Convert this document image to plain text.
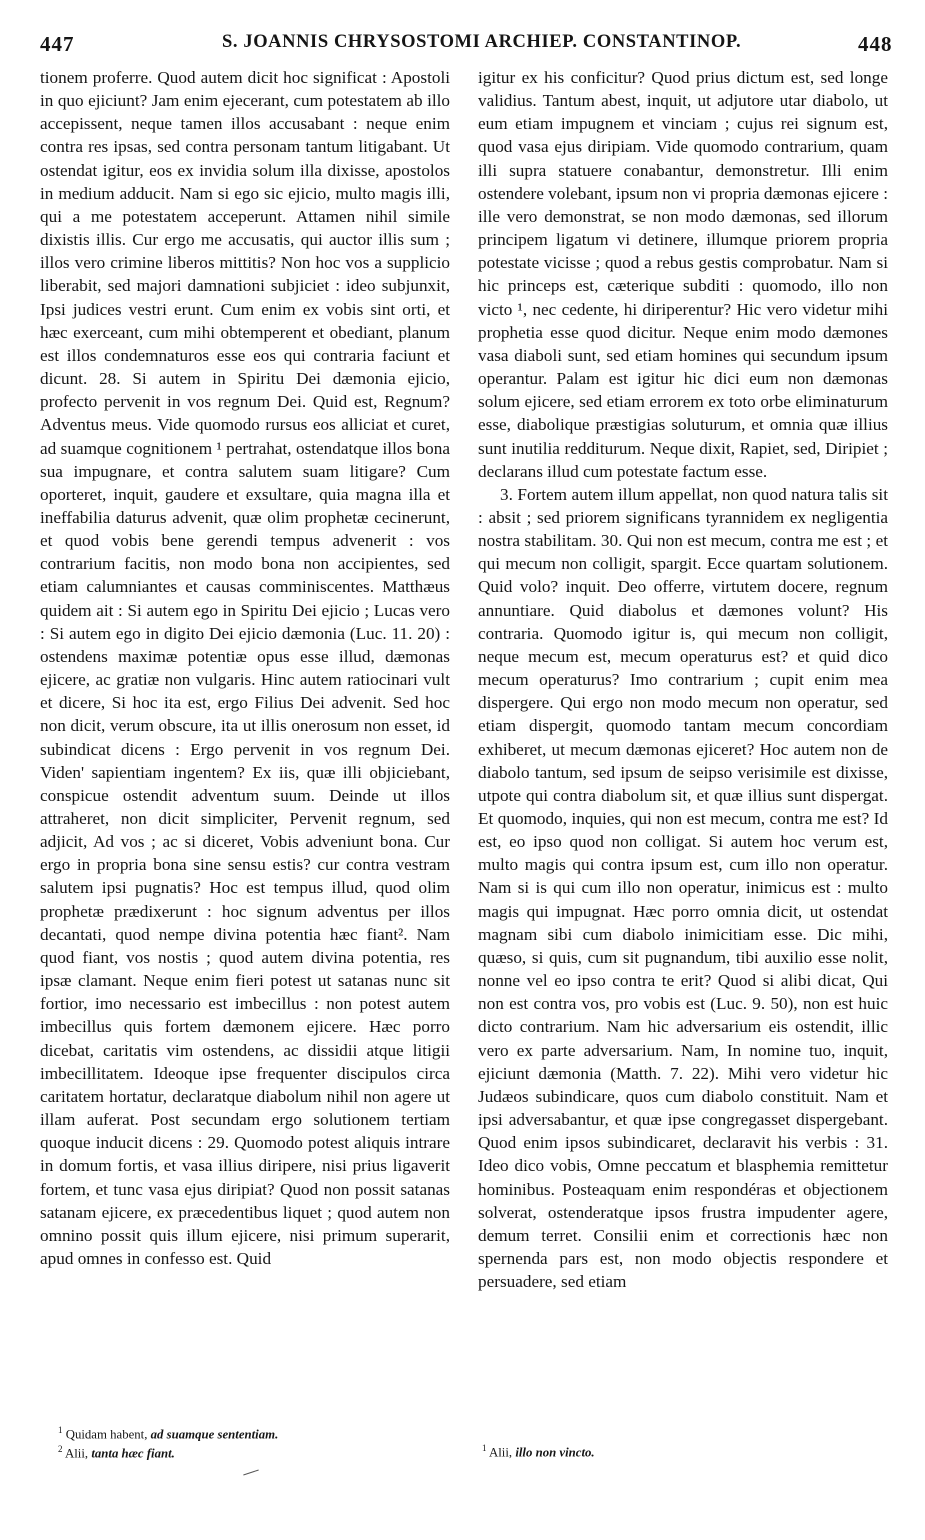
447	S. JOANNIS CHRYSOSTOMI ARCHIEP. CONSTANTINOP.	448

tionem proferre. Quod autem dicit hoc significat : Apostoli in quo ejiciunt? Jam enim ejecerant, cum potestatem ab illo accepissent, neque tamen illos accusabant : neque enim contra res ipsas, sed contra personam tantum litigabant. Ut ostendat igitur, eos ex invidia solum illa dixisse, apostolos in medium adducit. Nam si ego sic ejicio, multo magis illi, qui a me potestatem acceperunt. Attamen nihil simile dixistis illis. Cur ergo me accusatis, qui auctor illis sum ; illos vero crimine liberos mittitis? Non hoc vos a supplicio liberabit, sed majori damnationi subjiciet : ideo subjunxit, Ipsi judices vestri erunt. Cum enim ex vobis sint orti, et hæc exerceant, cum mihi obtemperent et obediant, planum est illos condemnaturos esse eos qui contraria faciunt et dicunt. 28. Si autem in Spiritu Dei dæmonia ejicio, profecto pervenit in vos regnum Dei. Quid est, Regnum? Adventus meus. Vide quomodo rursus eos alliciat et curet, ad suamque cognitionem ¹ pertrahat, ostendatque illos bona sua impugnare, et contra salutem suam litigare? Cum oporteret, inquit, gaudere et exsultare, quia magna illa et ineffabilia daturus advenit, quæ olim prophetæ cecinerunt, et quod vobis bene gerendi tempus advenerit : vos contrarium facitis, non modo bona non accipientes, sed etiam calumniantes et causas comminiscentes. Matthæus quidem ait : Si autem ego in Spiritu Dei ejicio ; Lucas vero : Si autem ego in digito Dei ejicio dæmonia (Luc. 11. 20) : ostendens maximæ potentiæ opus esse illud, dæmonas ejicere, ac gratiæ non vulgaris. Hinc autem ratiocinari vult et dicere, Si hoc ita est, ergo Filius Dei advenit. Sed hoc non dicit, verum obscure, ita ut illis onerosum non esset, id subindicat dicens : Ergo pervenit in vos regnum Dei. Viden' sapientiam ingentem? Ex iis, quæ illi objiciebant, conspicue ostendit adventum suum. Deinde ut illos attraheret, non dicit simpliciter, Pervenit regnum, sed adjicit, Ad vos ; ac si diceret, Vobis adveniunt bona. Cur ergo in propria bona sine sensu estis? cur contra vestram salutem ipsi pugnatis? Hoc est tempus illud, quod olim prophetæ prædixerunt : hoc signum adventus per illos decantati, quod nempe divina potentia hæc fiant². Nam quod fiant, vos nostis ; quod autem divina potentia, res ipsæ clamant. Neque enim fieri potest ut satanas nunc sit fortior, imo necessario est imbecillus : non potest autem imbecillus quis fortem dæmonem ejicere. Hæc porro dicebat, caritatis vim ostendens, ac dissidii atque litigii imbecillitatem. Ideoque ipse frequenter discipulos circa caritatem hortatur, declaratque diabolum nihil non agere ut illam auferat. Post secundam ergo solutionem tertiam quoque inducit dicens : 29. Quomodo potest aliquis intrare in domum fortis, et vasa illius diripere, nisi prius ligaverit fortem, et tunc vasa ejus diripiat? Quod non possit satanas satanam ejicere, ex præcedentibus liquet ; quod autem non omnino possit quis illum ejicere, nisi primum superarit, apud omnes in confesso est. Quid

igitur ex his conficitur? Quod prius dictum est, sed longe validius. Tantum abest, inquit, ut adjutore utar diabolo, ut eum etiam impugnem et vinciam ; cujus rei signum est, quod vasa ejus diripiam. Vide quomodo contrarium, quam illi supra statuere conabantur, demonstretur. Illi enim ostendere volebant, ipsum non vi propria dæmonas ejicere : ille vero demonstrat, se non modo dæmonas, sed illorum principem ligatum vi detinere, illumque priorem propria potestate vicisse ; quod a rebus gestis comprobatur. Nam si hic princeps est, cæterique subditi : quomodo, illo non victo ¹, nec cedente, hi diriperentur? Hic vero videtur mihi prophetia esse quod dicitur. Neque enim modo dæmones vasa diaboli sunt, sed etiam homines qui secundum ipsum operantur. Palam est igitur hic dici eum non dæmonas solum ejicere, sed etiam errorem ex toto orbe eliminaturum esse, diabolique præstigias soluturum, et omnia quæ illius sunt inutilia redditurum. Neque dixit, Rapiet, sed, Diripiet ; declarans illud cum potestate factum esse.

3. Fortem autem illum appellat, non quod natura talis sit : absit ; sed priorem significans tyrannidem ex negligentia nostra stabilitam. 30. Qui non est mecum, contra me est ; et qui mecum non colligit, spargit. Ecce quartam solutionem. Quid volo? inquit. Deo offerre, virtutem docere, regnum annuntiare. Quid diabolus et dæmones volunt? His contraria. Quomodo igitur is, qui mecum non colligit, neque mecum est, mecum operaturus est? et quid dico mecum operaturus? Imo contrarium ; cupit enim mea dispergere. Qui ergo non modo mecum non operatur, sed etiam dispergit, quomodo tantam mecum concordiam exhiberet, ut mecum dæmonas ejiceret? Hoc autem non de diabolo tantum, sed ipsum de seipso verisimile est dixisse, utpote qui contra diabolum sit, et quæ illius sunt dispergat. Et quomodo, inquies, qui non est mecum, contra me est? Id est, eo ipso quod non colligat. Si autem hoc verum est, multo magis qui contra ipsum est, cum illo non operatur. Nam si is qui cum illo non operatur, inimicus est : multo magis qui impugnat. Hæc porro omnia dicit, ut ostendat magnam sibi cum diabolo inimicitiam esse. Dic mihi, quæso, si quis, cum sit pugnandum, tibi auxilio esse nolit, nonne vel eo ipso contra te erit? Quod si alibi dicat, Qui non est contra vos, pro vobis est (Luc. 9. 50), non est huic dicto contrarium. Nam hic adversarium eis ostendit, illic vero ex parte adversarium. Nam, In nomine tuo, inquit, ejiciunt dæmonia (Matth. 7. 22). Mihi vero videtur hic Judæos subindicare, quos cum diabolo constituit. Nam et ipsi adversabantur, et quæ ipse congregasset dispergebant. Quod enim ipsos subindicaret, declaravit his verbis : 31. Ideo dico vobis, Omne peccatum et blasphemia remittetur hominibus. Posteaquam enim respondéras et objectionem solverat, ostenderatque ipsos frustra impudenter agere, demum terret. Consilii enim et correctionis hæc non spernenda pars est, non modo objectis respondere et persuadere, sed etiam

$^1$ Quidam habent, ad suamque sententiam.
$^2$ Alii, tanta hæc fiant.	$^1$ Alii, illo non vincto.
